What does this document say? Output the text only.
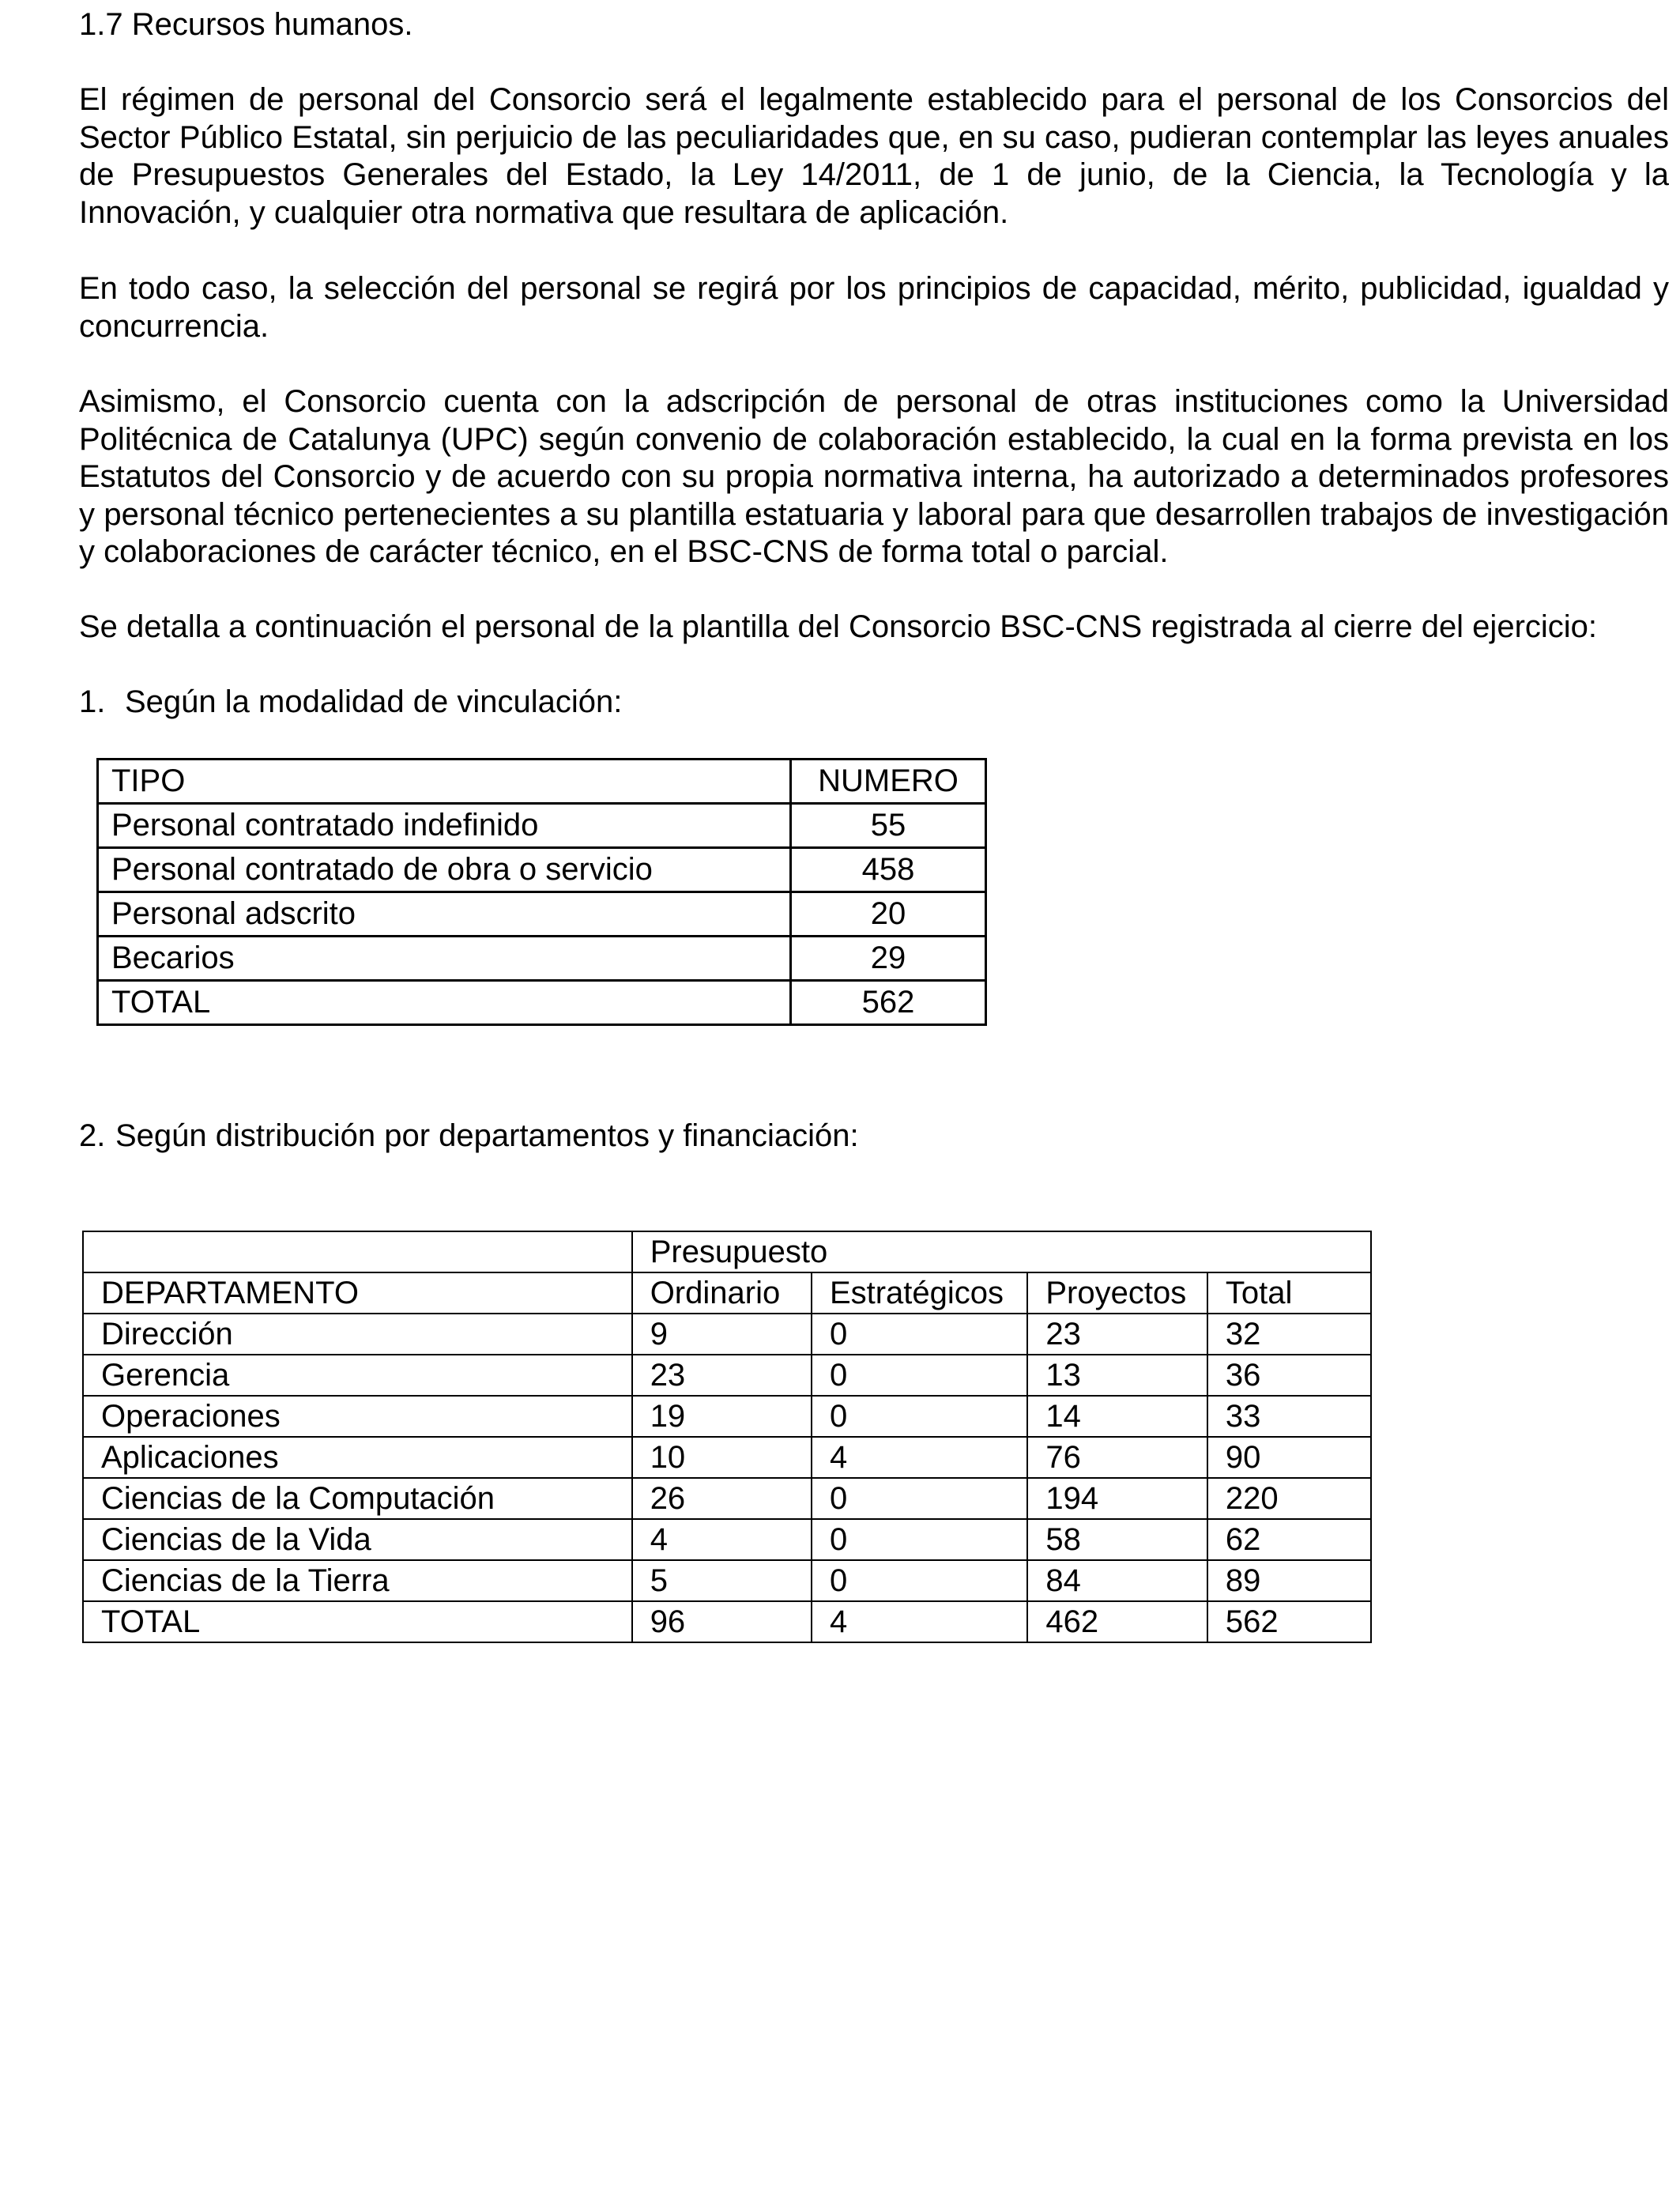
1.7 Recursos humanos.

El régimen de personal del Consorcio será el legalmente establecido para el personal de los Consorcios del Sector Público Estatal, sin perjuicio de las peculiaridades que, en su caso, pudieran contemplar las leyes anuales de Presupuestos Generales del Estado, la Ley 14/2011, de 1 de junio, de la Ciencia, la Tecnología y la Innovación, y cualquier otra normativa que resultara de aplicación.

En todo caso, la selección del personal se regirá por los principios de capacidad, mérito, publicidad, igualdad y concurrencia.

Asimismo, el Consorcio cuenta con la adscripción de personal de otras instituciones como la Universidad Politécnica de Catalunya (UPC) según convenio de colaboración establecido, la cual en la forma prevista en los Estatutos del Consorcio y de acuerdo con su propia normativa interna, ha autorizado a determinados profesores y personal técnico pertenecientes a su plantilla estatuaria y laboral para que desarrollen trabajos de investigación y colaboraciones de carácter técnico, en el BSC-CNS de forma total o parcial.

Se detalla a continuación el personal de la plantilla del Consorcio BSC-CNS registrada al cierre del ejercicio:

1. Según la modalidad de vinculación:
TIPO	NUMERO
Personal contratado indefinido	55
Personal contratado de obra o servicio	458
Personal adscrito	20
Becarios	29
TOTAL	562
2. Según distribución por departamentos y financiación:
	Presupuesto			
DEPARTAMENTO	Ordinario	Estratégicos	Proyectos	Total
Dirección	9	0	23	32
Gerencia	23	0	13	36
Operaciones	19	0	14	33
Aplicaciones	10	4	76	90
Ciencias de la Computación	26	0	194	220
Ciencias de la Vida	4	0	58	62
Ciencias de la Tierra	5	0	84	89
TOTAL	96	4	462	562
